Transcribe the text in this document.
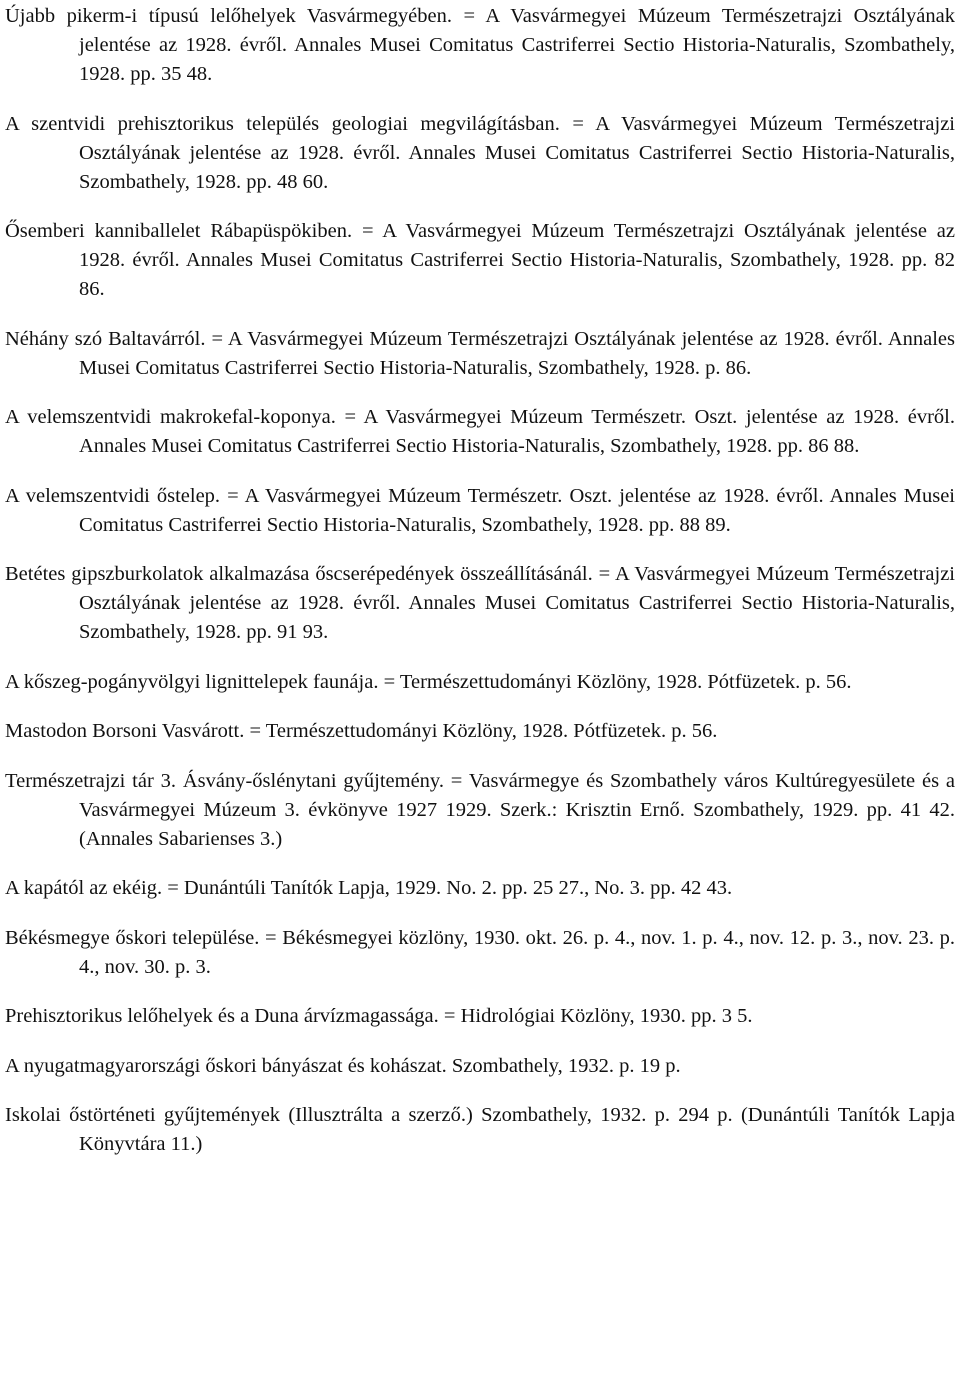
Újabb pikerm-i típusú lelőhelyek Vasvármegyében. = A Vasvármegyei Múzeum Természetrajzi Osztályának jelentése az 1928. évről. Annales Musei Comitatus Castriferrei Sectio Historia-Naturalis, Szombathely, 1928. pp. 35 48.

A szentvidi prehisztorikus település geologiai megvilágításban. = A Vasvármegyei Múzeum Természetrajzi Osztályának jelentése az 1928. évről. Annales Musei Comitatus Castriferrei Sectio Historia-Naturalis, Szombathely, 1928. pp. 48 60.

Ősemberi kanniballelet Rábapüspökiben. = A Vasvármegyei Múzeum Természetrajzi Osztályának jelentése az 1928. évről. Annales Musei Comitatus Castriferrei Sectio Historia-Naturalis, Szombathely, 1928. pp. 82 86.

Néhány szó Baltavárról. = A Vasvármegyei Múzeum Természetrajzi Osztályának jelentése az 1928. évről. Annales Musei Comitatus Castriferrei Sectio Historia-Naturalis, Szombathely, 1928. p. 86.

A velemszentvidi makrokefal-koponya. = A Vasvármegyei Múzeum Természetr. Oszt. jelentése az 1928. évről. Annales Musei Comitatus Castriferrei Sectio Historia-Naturalis, Szombathely, 1928. pp. 86 88.

A velemszentvidi őstelep. = A Vasvármegyei Múzeum Természetr. Oszt. jelentése az 1928. évről. Annales Musei Comitatus Castriferrei Sectio Historia-Naturalis, Szombathely, 1928. pp. 88 89.

Betétes gipszburkolatok alkalmazása őscserépedények összeállításánál. = A Vasvármegyei Múzeum Természetrajzi Osztályának jelentése az 1928. évről. Annales Musei Comitatus Castriferrei Sectio Historia-Naturalis, Szombathely, 1928. pp. 91 93.

A kőszeg-pogányvölgyi lignittelepek faunája. = Természettudományi Közlöny, 1928. Pótfüzetek. p. 56.

Mastodon Borsoni Vasvárott. = Természettudományi Közlöny, 1928. Pótfüzetek. p. 56.

Természetrajzi tár 3. Ásvány-őslénytani gyűjtemény. = Vasvármegye és Szombathely város Kultúregyesülete és a Vasvármegyei Múzeum 3. évkönyve 1927 1929. Szerk.: Krisztin Ernő. Szombathely, 1929. pp. 41 42. (Annales Sabarienses 3.)

A kapától az ekéig. = Dunántúli Tanítók Lapja, 1929. No. 2. pp. 25 27., No. 3. pp. 42 43.

Békésmegye őskori települése. = Békésmegyei közlöny, 1930. okt. 26. p. 4., nov. 1. p. 4., nov. 12. p. 3., nov. 23. p. 4., nov. 30. p. 3.

Prehisztorikus lelőhelyek és a Duna árvízmagassága. = Hidrológiai Közlöny, 1930. pp. 3 5.

A nyugatmagyarországi őskori bányászat és kohászat. Szombathely, 1932. p. 19 p.

Iskolai őstörténeti gyűjtemények (Illusztrálta a szerző.) Szombathely, 1932. p. 294 p. (Dunántúli Tanítók Lapja Könyvtára 11.)
